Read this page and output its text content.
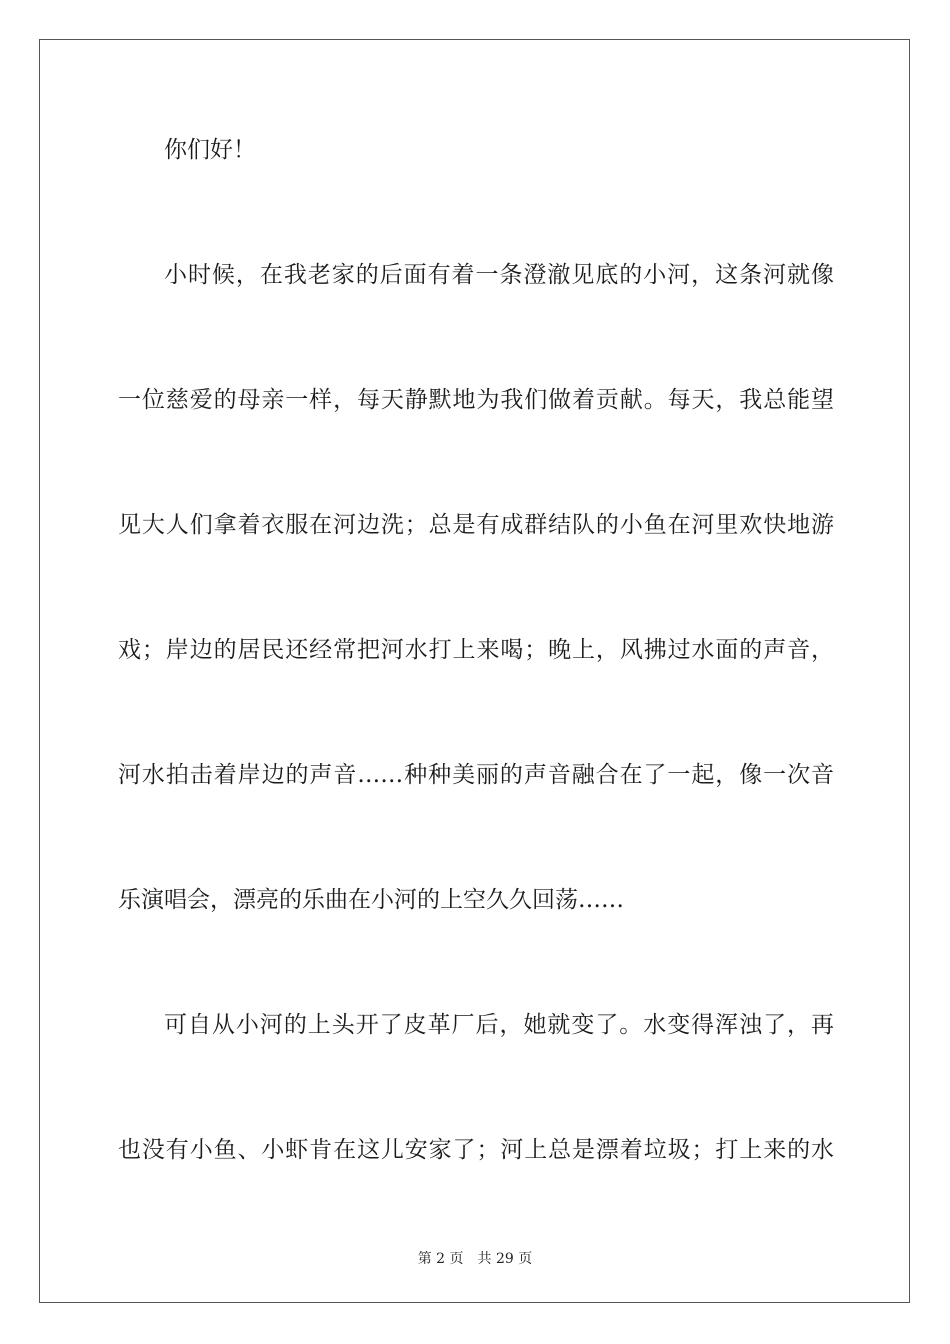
你们好！
小时候，在我老家的后面有着一条澄澈见底的小河，这条河就像
一位慈爱的母亲一样，每天静默地为我们做着贡献。每天，我总能望
见大人们拿着衣服在河边洗；总是有成群结队的小鱼在河里欢快地游
戏；岸边的居民还经常把河水打上来喝；晚上，风拂过水面的声音，
河水拍击着岸边的声音……种种美丽的声音融合在了一起，像一次音
乐演唱会，漂亮的乐曲在小河的上空久久回荡……
可自从小河的上头开了皮革厂后，她就变了。水变得浑浊了，再
也没有小鱼、小虾肯在这儿安家了；河上总是漂着垃圾；打上来的水
第 2 页 共 29 页
